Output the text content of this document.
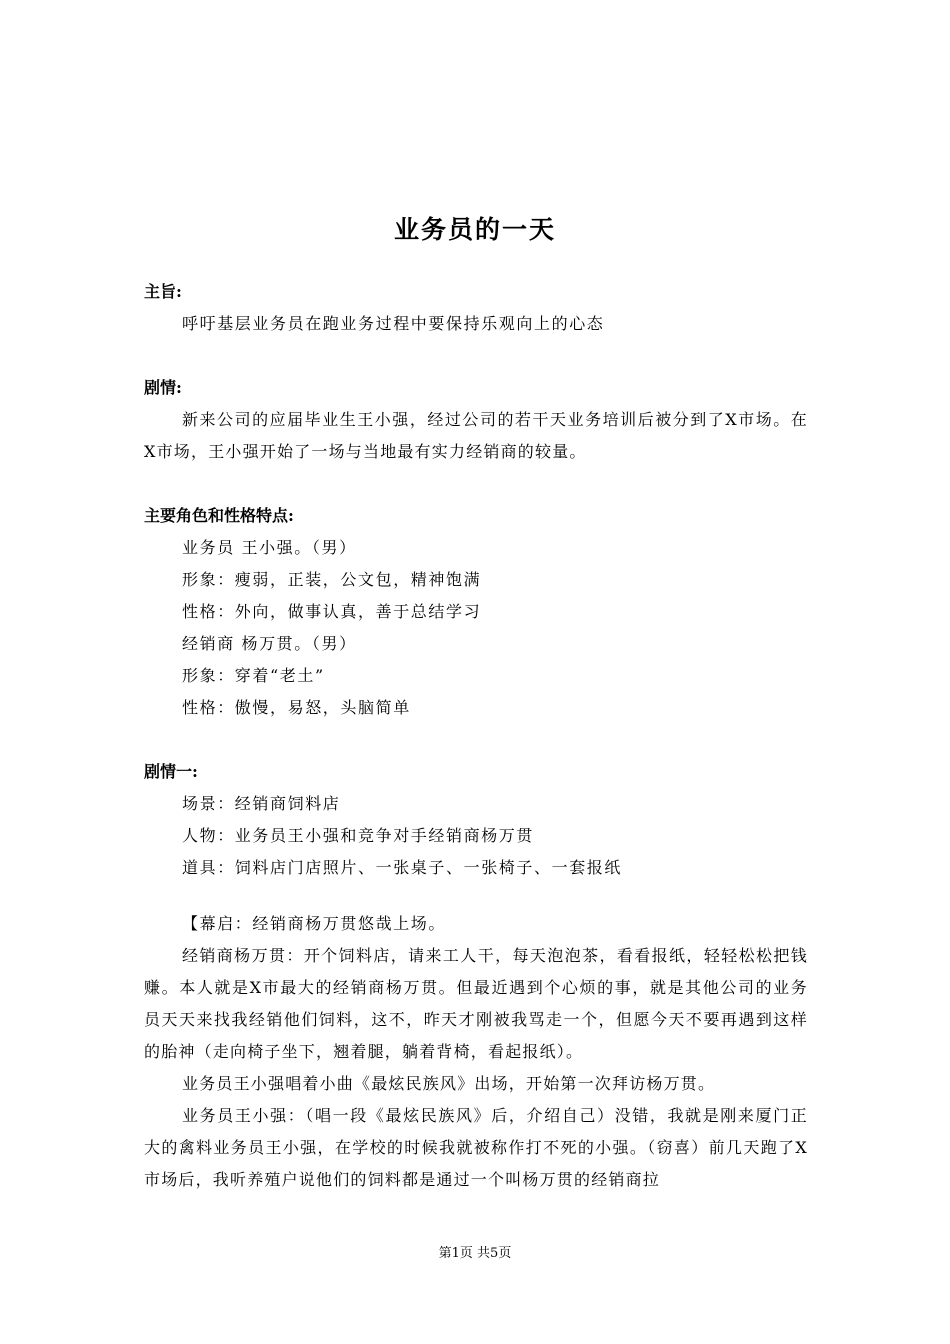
业务员的一天
主旨:
呼吁基层业务员在跑业务过程中要保持乐观向上的心态
剧情:
新来公司的应届毕业生王小强，经过公司的若干天业务培训后被分到了X市场。在X市场，王小强开始了一场与当地最有实力经销商的较量。
主要角色和性格特点:
业务员 王小强。（男）
形象：瘦弱，正装，公文包，精神饱满
性格：外向，做事认真，善于总结学习
经销商 杨万贯。（男）
形象：穿着“老土”
性格：傲慢，易怒，头脑简单
剧情一:
场景：经销商饲料店
人物：业务员王小强和竞争对手经销商杨万贯
道具：饲料店门店照片、一张桌子、一张椅子、一套报纸
【幕启：经销商杨万贯悠哉上场。
经销商杨万贯：开个饲料店，请来工人干，每天泡泡茶，看看报纸，轻轻松松把钱赚。本人就是X市最大的经销商杨万贯。但最近遇到个心烦的事，就是其他公司的业务员天天来找我经销他们饲料，这不，昨天才刚被我骂走一个，但愿今天不要再遇到这样的胎神（走向椅子坐下，翘着腿，躺着背椅，看起报纸）。
业务员王小强唱着小曲《最炫民族风》出场，开始第一次拜访杨万贯。
业务员王小强：（唱一段《最炫民族风》后，介绍自己）没错，我就是刚来厦门正大的禽料业务员王小强，在学校的时候我就被称作打不死的小强。（窃喜）前几天跑了X市场后，我听养殖户说他们的饲料都是通过一个叫杨万贯的经销商拉
第1页 共5页
